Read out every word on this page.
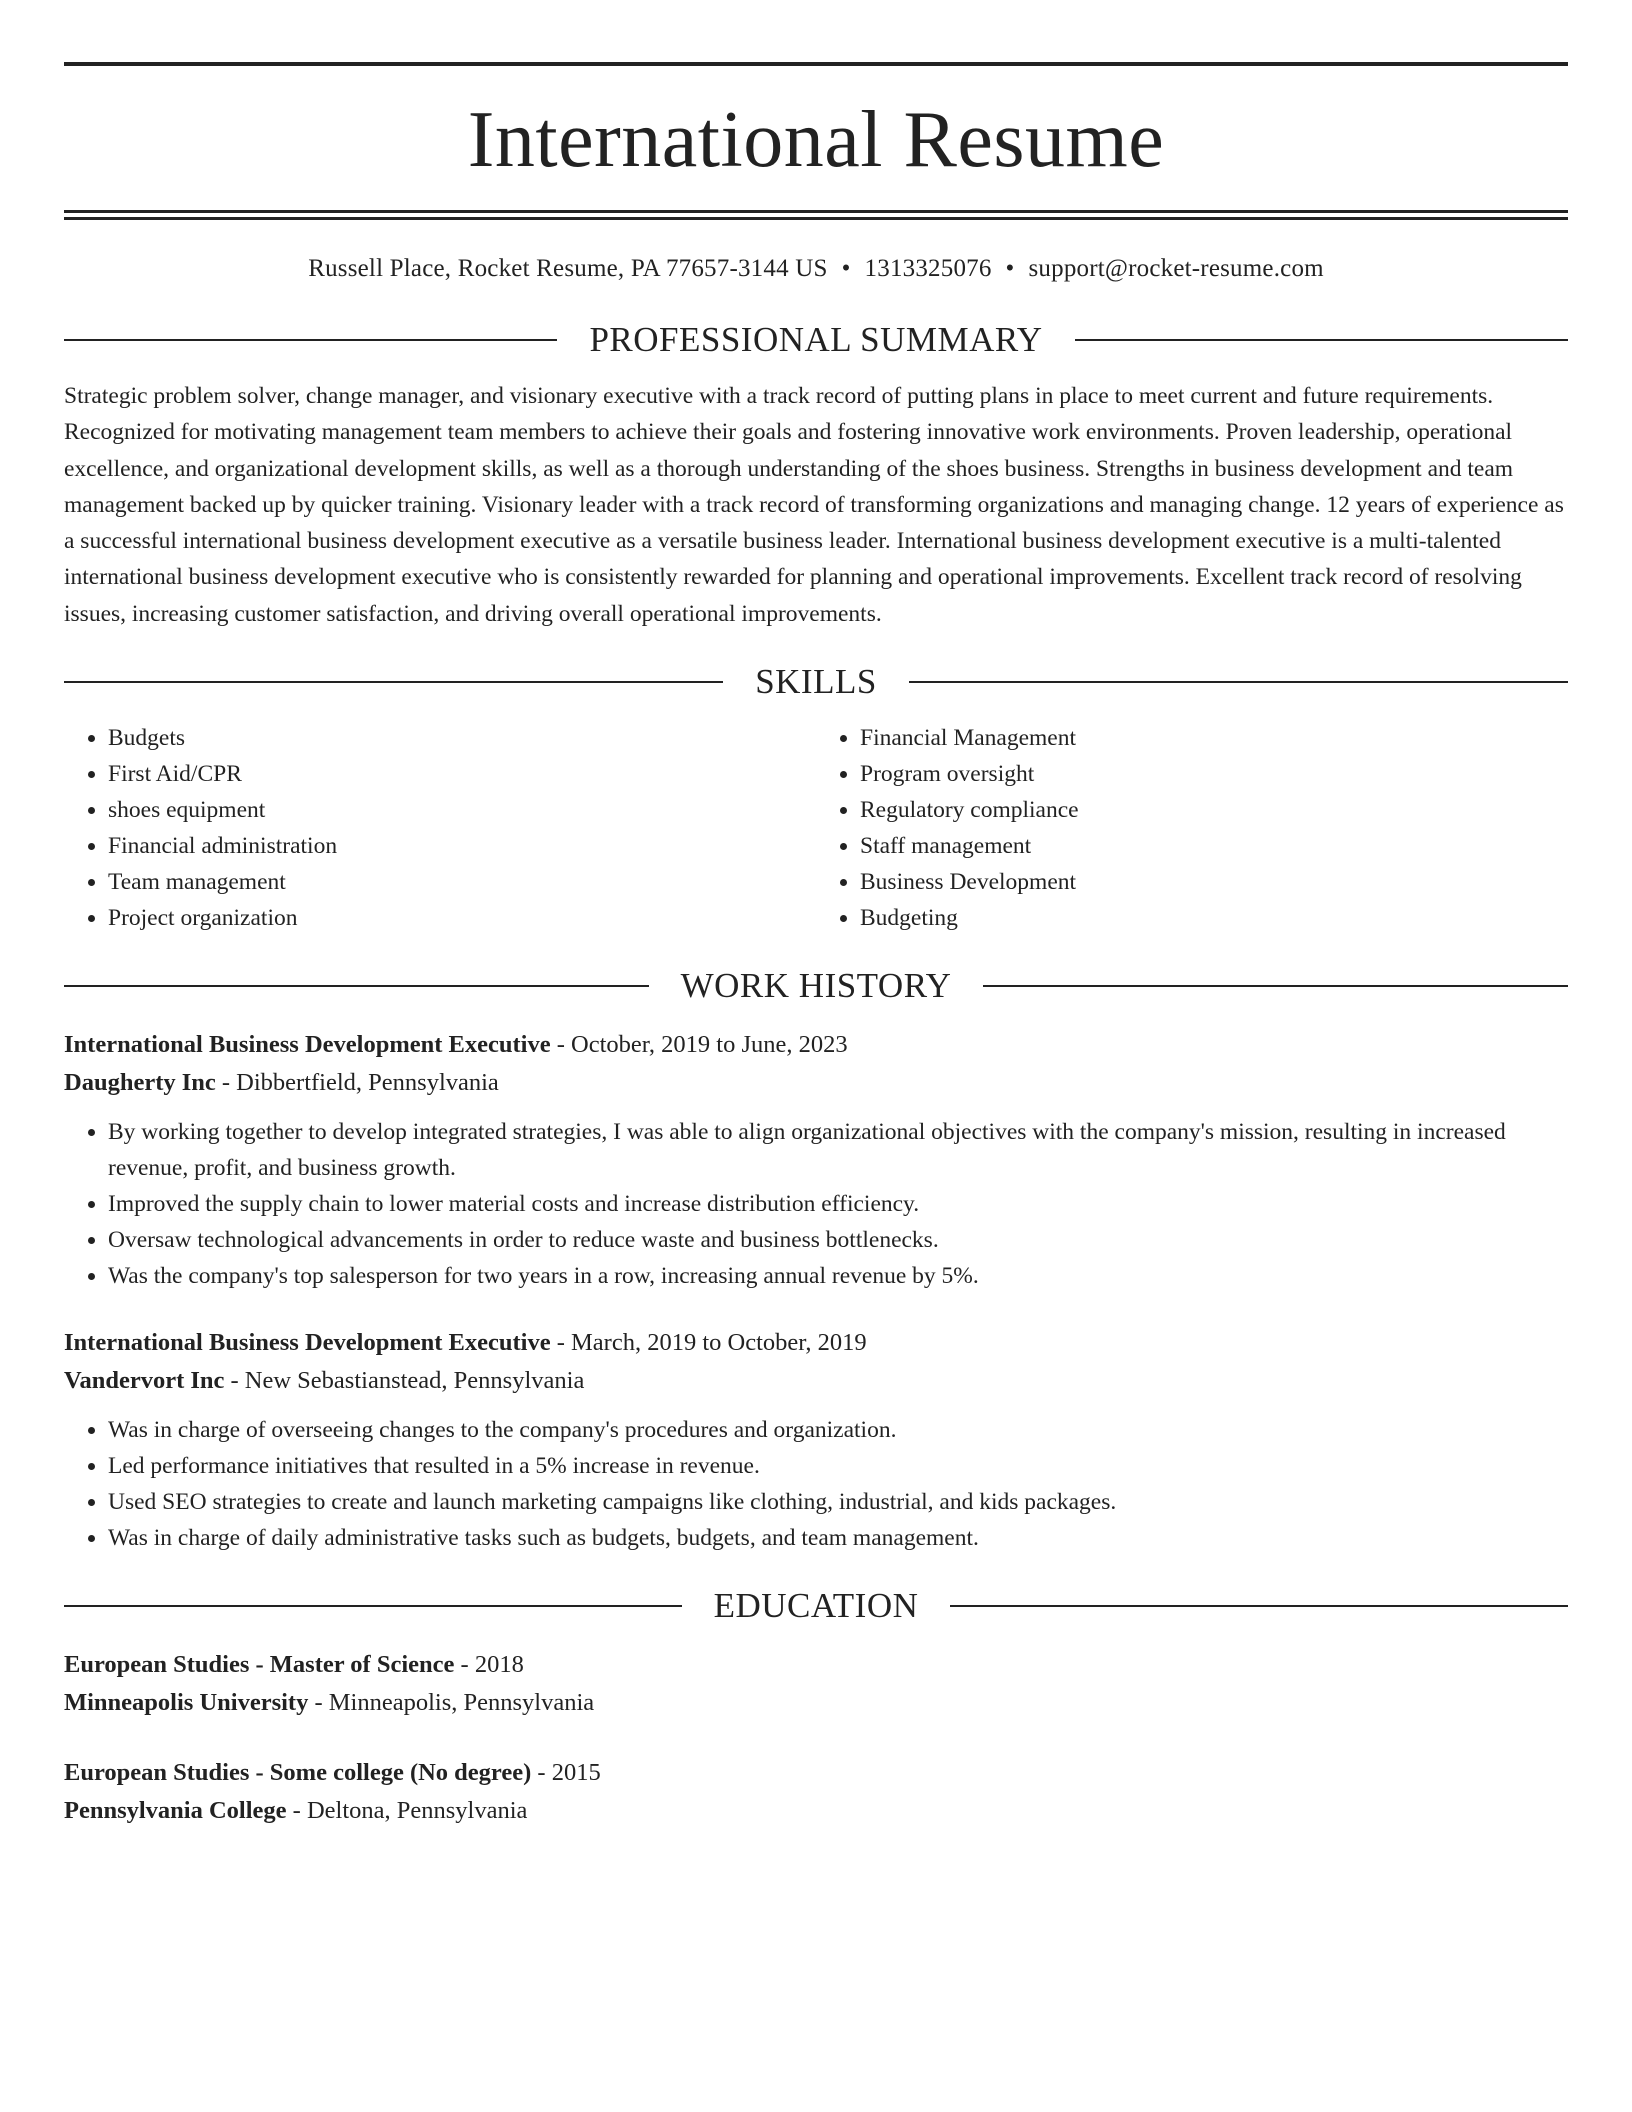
International Resume
Russell Place, Rocket Resume, PA 77657-3144 US • 1313325076 • support@rocket-resume.com
PROFESSIONAL SUMMARY
Strategic problem solver, change manager, and visionary executive with a track record of putting plans in place to meet current and future requirements. Recognized for motivating management team members to achieve their goals and fostering innovative work environments. Proven leadership, operational excellence, and organizational development skills, as well as a thorough understanding of the shoes business. Strengths in business development and team management backed up by quicker training. Visionary leader with a track record of transforming organizations and managing change. 12 years of experience as a successful international business development executive as a versatile business leader. International business development executive is a multi-talented international business development executive who is consistently rewarded for planning and operational improvements. Excellent track record of resolving issues, increasing customer satisfaction, and driving overall operational improvements.
SKILLS
• Budgets
• First Aid/CPR
• shoes equipment
• Financial administration
• Team management
• Project organization
• Financial Management
• Program oversight
• Regulatory compliance
• Staff management
• Business Development
• Budgeting
WORK HISTORY
International Business Development Executive - October, 2019 to June, 2023
Daugherty Inc - Dibbertfield, Pennsylvania
• By working together to develop integrated strategies, I was able to align organizational objectives with the company's mission, resulting in increased revenue, profit, and business growth.
• Improved the supply chain to lower material costs and increase distribution efficiency.
• Oversaw technological advancements in order to reduce waste and business bottlenecks.
• Was the company's top salesperson for two years in a row, increasing annual revenue by 5%.
International Business Development Executive - March, 2019 to October, 2019
Vandervort Inc - New Sebastianstead, Pennsylvania
• Was in charge of overseeing changes to the company's procedures and organization.
• Led performance initiatives that resulted in a 5% increase in revenue.
• Used SEO strategies to create and launch marketing campaigns like clothing, industrial, and kids packages.
• Was in charge of daily administrative tasks such as budgets, budgets, and team management.
EDUCATION
European Studies - Master of Science - 2018
Minneapolis University - Minneapolis, Pennsylvania
European Studies - Some college (No degree) - 2015
Pennsylvania College - Deltona, Pennsylvania
